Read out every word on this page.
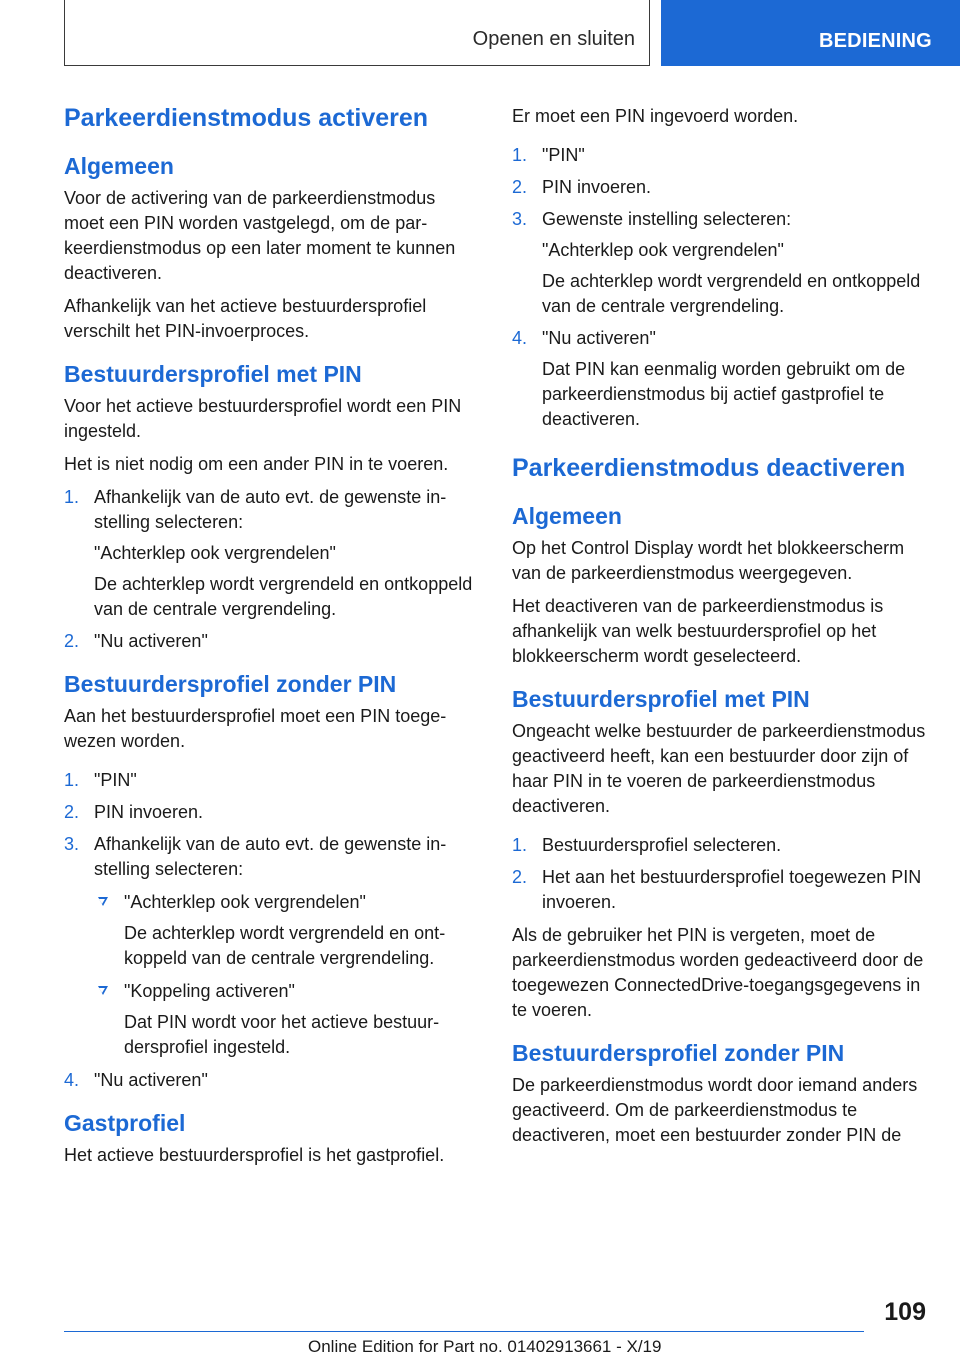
Openen en sluiten	BEDIENING
Parkeerdienstmodus activeren
Algemeen

Voor de activering van de parkeerdienstmodus moet een PIN worden vastgelegd, om de parkeerdienstmodus op een later moment te kunnen deactiveren.

Afhankelijk van het actieve bestuurdersprofiel verschilt het PIN-invoerproces.

Bestuurdersprofiel met PIN

Voor het actieve bestuurdersprofiel wordt een PIN ingesteld.

Het is niet nodig om een ander PIN in te voeren.

1. Afhankelijk van de auto evt. de gewenste instelling selecteren:
"Achterklep ook vergrendelen"
De achterklep wordt vergrendeld en ontkoppeld van de centrale vergrendeling.
2. "Nu activeren"
Bestuurdersprofiel zonder PIN

Aan het bestuurdersprofiel moet een PIN toegewezen worden.

1. "PIN"
2. PIN invoeren.
3. Afhankelijk van de auto evt. de gewenste instelling selecteren:
"Achterklep ook vergrendelen"
De achterklep wordt vergrendeld en ontkoppeld van de centrale vergrendeling.
"Koppeling activeren"
Dat PIN wordt voor het actieve bestuurdersprofiel ingesteld.
4. "Nu activeren"
Gastprofiel

Het actieve bestuurdersprofiel is het gastprofiel.

Er moet een PIN ingevoerd worden.

1. "PIN"
2. PIN invoeren.
3. Gewenste instelling selecteren:
"Achterklep ook vergrendelen"
De achterklep wordt vergrendeld en ontkoppeld van de centrale vergrendeling.
4. "Nu activeren"
Dat PIN kan eenmalig worden gebruikt om de parkeerdienstmodus bij actief gastprofiel te deactiveren.
Parkeerdienstmodus deactiveren
Algemeen

Op het Control Display wordt het blokkeerscherm van de parkeerdienstmodus weergegeven.

Het deactiveren van de parkeerdienstmodus is afhankelijk van welk bestuurdersprofiel op het blokkeerscherm wordt geselecteerd.

Bestuurdersprofiel met PIN

Ongeacht welke bestuurder de parkeerdienstmodus geactiveerd heeft, kan een bestuurder door zijn of haar PIN in te voeren de parkeerdienstmodus deactiveren.

1. Bestuurdersprofiel selecteren.
2. Het aan het bestuurdersprofiel toegewezen PIN invoeren.

Als de gebruiker het PIN is vergeten, moet de parkeerdienstmodus worden gedeactiveerd door de toegewezen ConnectedDrive-toegangsgegevens in te voeren.

Bestuurdersprofiel zonder PIN

De parkeerdienstmodus wordt door iemand anders geactiveerd. Om de parkeerdienstmodus te deactiveren, moet een bestuurder zonder PIN de

109
Online Edition for Part no. 01402913661 - X/19
